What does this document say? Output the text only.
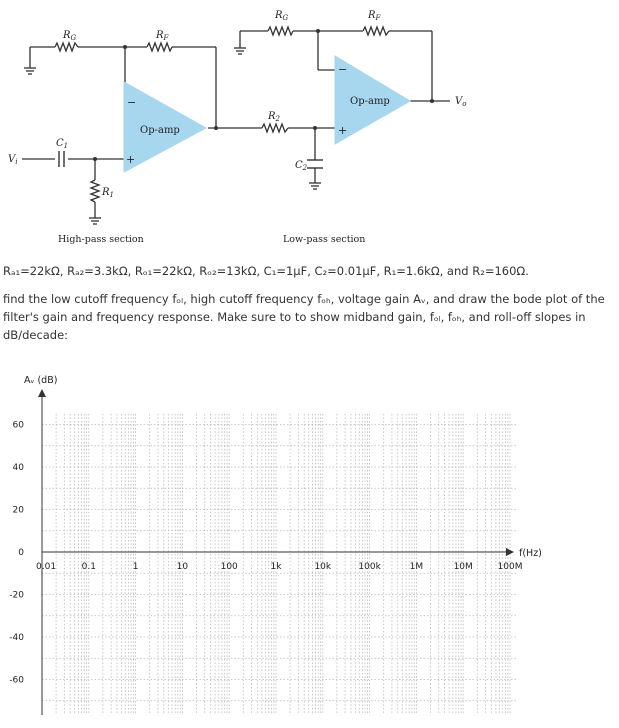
Op-amp
−
+
Op-amp
−
+
$R_G$	$R_F$
$R_G$	$R_F$
$C_1$
$R_1$
$R_2$
$C_2$
$V_i$
$V_o$
High-pass section	Low-pass section

Rₐ₁=22kΩ, Rₐ₂=3.3kΩ, Rₒ₁=22kΩ, Rₒ₂=13kΩ, C₁=1μF, C₂=0.01μF, R₁=1.6kΩ, and R₂=160Ω.

find the low cutoff frequency fₒₗ, high cutoff frequency fₒₕ, voltage gain Aᵥ, and draw the bode plot of the filter's gain and frequency response. Make sure to to show midband gain, fₒₗ, fₒₕ, and roll-off slopes in dB/decade:

60
40
20
0
-20
-40
-60
0.01	0.1	1	10	100	1k	10k	100k	1M	10M	100M
Aᵥ (dB)
f(Hz)
